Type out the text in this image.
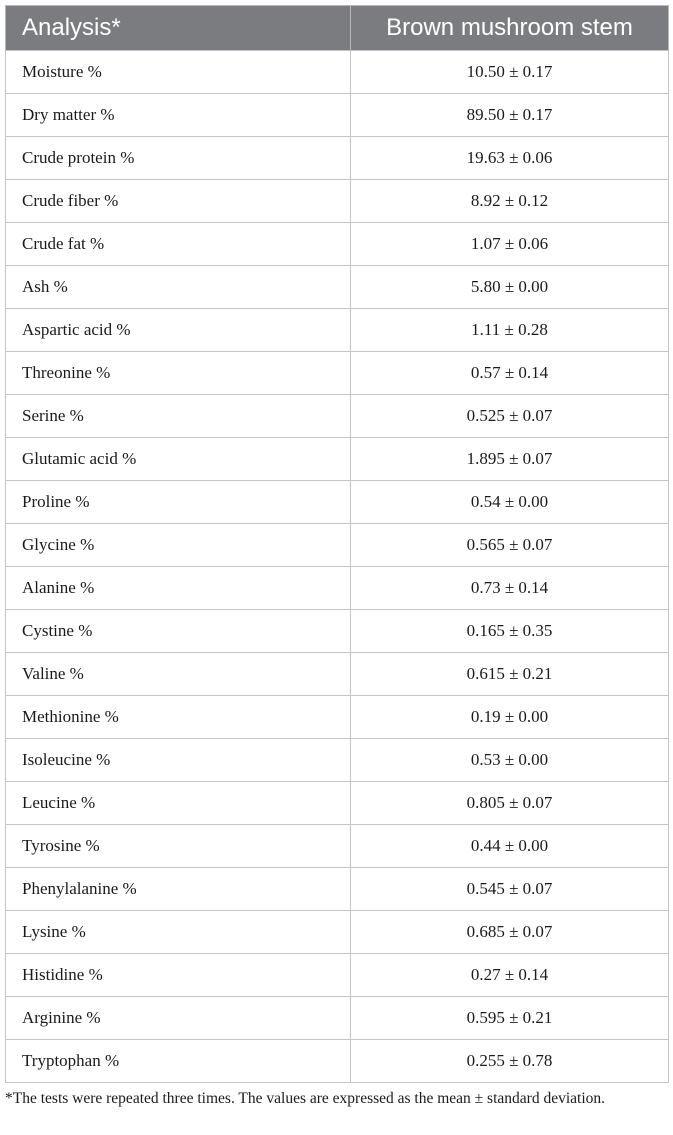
Analysis*	Brown mushroom stem
Moisture %	10.50 ± 0.17
Dry matter %	89.50 ± 0.17
Crude protein %	19.63 ± 0.06
Crude fiber %	8.92 ± 0.12
Crude fat %	1.07 ± 0.06
Ash %	5.80 ± 0.00
Aspartic acid %	1.11 ± 0.28
Threonine %	0.57 ± 0.14
Serine %	0.525 ± 0.07
Glutamic acid %	1.895 ± 0.07
Proline %	0.54 ± 0.00
Glycine %	0.565 ± 0.07
Alanine %	0.73 ± 0.14
Cystine %	0.165 ± 0.35
Valine %	0.615 ± 0.21
Methionine %	0.19 ± 0.00
Isoleucine %	0.53 ± 0.00
Leucine %	0.805 ± 0.07
Tyrosine %	0.44 ± 0.00
Phenylalanine %	0.545 ± 0.07
Lysine %	0.685 ± 0.07
Histidine %	0.27 ± 0.14
Arginine %	0.595 ± 0.21
Tryptophan %	0.255 ± 0.78
*The tests were repeated three times. The values are expressed as the mean ± standard deviation.
